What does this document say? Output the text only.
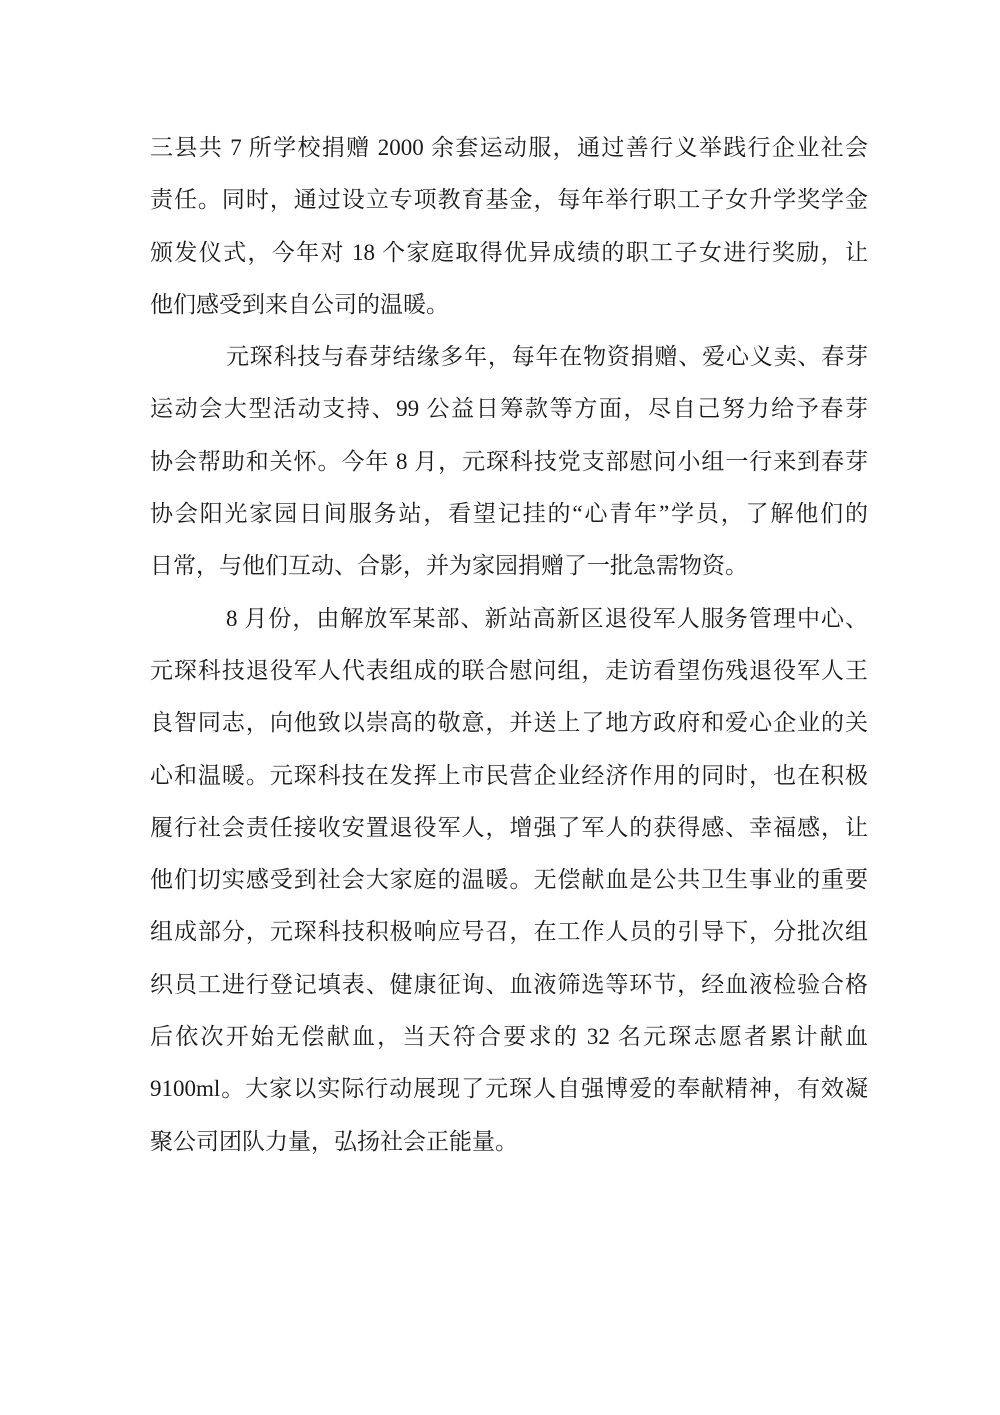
三县共 7 所学校捐赠 2000 余套运动服，通过善行义举践行企业社会
责任。同时，通过设立专项教育基金，每年举行职工子女升学奖学金
颁发仪式，今年对 18 个家庭取得优异成绩的职工子女进行奖励，让
他们感受到来自公司的温暖。
元琛科技与春芽结缘多年，每年在物资捐赠、爱心义卖、春芽
运动会大型活动支持、99 公益日筹款等方面，尽自己努力给予春芽
协会帮助和关怀。今年 8 月，元琛科技党支部慰问小组一行来到春芽
协会阳光家园日间服务站，看望记挂的“心青年”学员，了解他们的
日常，与他们互动、合影，并为家园捐赠了一批急需物资。
8 月份，由解放军某部、新站高新区退役军人服务管理中心、
元琛科技退役军人代表组成的联合慰问组，走访看望伤残退役军人王
良智同志，向他致以崇高的敬意，并送上了地方政府和爱心企业的关
心和温暖。元琛科技在发挥上市民营企业经济作用的同时，也在积极
履行社会责任接收安置退役军人，增强了军人的获得感、幸福感，让
他们切实感受到社会大家庭的温暖。无偿献血是公共卫生事业的重要
组成部分，元琛科技积极响应号召，在工作人员的引导下，分批次组
织员工进行登记填表、健康征询、血液筛选等环节，经血液检验合格
后依次开始无偿献血，当天符合要求的 32 名元琛志愿者累计献血
9100ml。大家以实际行动展现了元琛人自强博爱的奉献精神，有效凝
聚公司团队力量，弘扬社会正能量。
